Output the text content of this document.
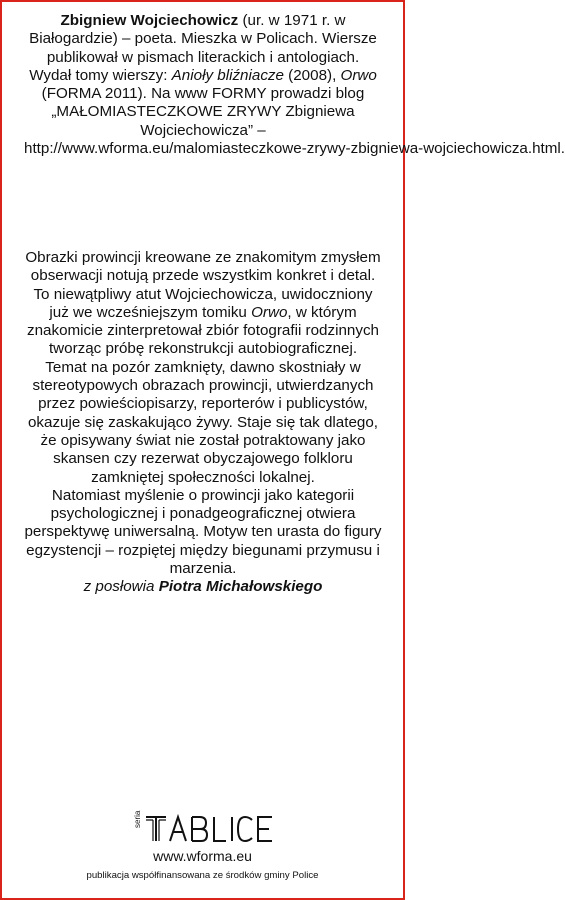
Zbigniew Wojciechowicz (ur. w 1971 r. w Białogardzie) – poeta. Mieszka w Policach. Wiersze publikował w pismach literackich i antologiach. Wydał tomy wierszy: Anioły bliźniacze (2008), Orwo (FORMA 2011). Na www FORMY prowadzi blog „MAŁOMIASTECZKOWE ZRYWY Zbigniewa Wojciechowicza” –
http://www.wforma.eu/malomiasteczkowe-zrywy-zbigniewa-wojciechowicza.html.

Obrazki prowincji kreowane ze znakomitym zmysłem obserwacji notują przede wszystkim konkret i detal. To niewątpliwy atut Wojciechowicza, uwidoczniony już we wcześniejszym tomiku Orwo, w którym znakomicie zinterpretował zbiór fotografii rodzinnych tworząc próbę rekonstrukcji autobiograficznej.

Temat na pozór zamknięty, dawno skostniały w stereotypowych obrazach prowincji, utwierdzanych przez powieściopisarzy, reporterów i publicystów, okazuje się zaskakująco żywy. Staje się tak dlatego, że opisywany świat nie został potraktowany jako skansen czy rezerwat obyczajowego folkloru zamkniętej społeczności lokalnej.

Natomiast myślenie o prowincji jako kategorii psychologicznej i ponadgeograficznej otwiera perspektywę uniwersalną. Motyw ten urasta do figury egzystencji – rozpiętej między biegunami przymusu i marzenia.

z posłowia Piotra Michałowskiego

seria
www.wforma.eu
publikacja współfinansowana ze środków gminy Police
